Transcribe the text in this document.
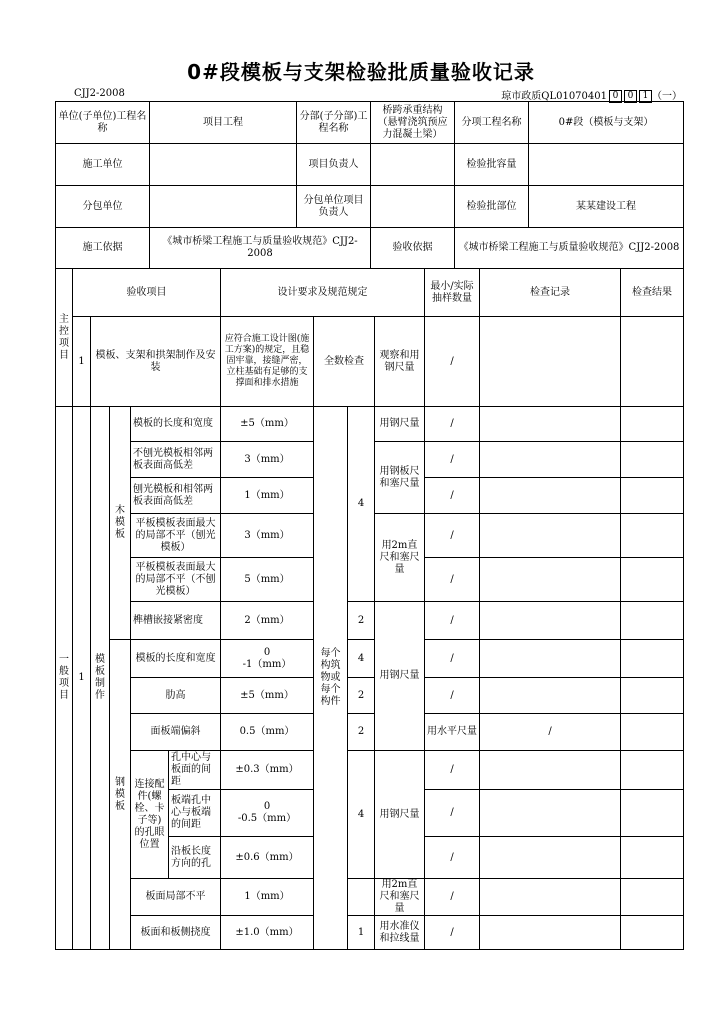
0#段模板与支架检验批质量验收记录
CJJ2-2008	琼市政质QL01070401 0 0 1 （一）
单位(子单位)工程名称	项目工程	分部(子分部)工程名称	桥跨承重结构（悬臂浇筑预应力混凝土梁）	分项工程名称	0#段（模板与支架）
施工单位		项目负责人		检验批容量	
分包单位		分包单位项目负责人		检验批部位	某某建设工程
施工依据	《城市桥梁工程施工与质量验收规范》CJJ2-2008		验收依据	《城市桥梁工程施工与质量验收规范》CJJ2-2008	
主控项目	验收项目					设计要求及规范规定				最小/实际抽样数量	检查记录	检查结果	
	1	模板、支架和拱架制作及安装				应符合施工设计图(施工方案)的规定，且稳固牢靠，接缝严密，立柱基础有足够的支撑面和排水措施	全数检查		观察和用钢尺量	/			
一般项目	1	模板制作	木模板	模板的长度和宽度		±5（mm）	每个构筑物或每个构件	4	用钢尺量	/			
				不刨光模板相邻两板表面高低差		3（mm）			用钢板尺和塞尺量	/			
				刨光模板和相邻两板表面高低差		1（mm）				/			
				平板模板表面最大的局部不平（刨光模板）		3（mm）			用2m直尺和塞尺量	/			
				平板模板表面最大的局部不平（不刨光模板）		5（mm）				/			
				榫槽嵌接紧密度		2（mm）		2	用钢尺量	/			
			钢模板	模板的长度和宽度		0
-1（mm）		4		/			
				肋高		±5（mm）		2		/			
				面板端偏斜		0.5（mm）		2		用水平尺量	/		
				连接配件(螺栓、卡子等)的孔眼位置	孔中心与板面的间距	±0.3（mm）		4	用钢尺量	/			
					板端孔中心与板端的间距	0
-0.5（mm）				/			
					沿板长度方向的孔	±0.6（mm）				/			
				板面局部不平		1（mm）			用2m直尺和塞尺量	/			
				板面和板侧挠度		±1.0（mm）		1	用水准仪和拉线量	/			
